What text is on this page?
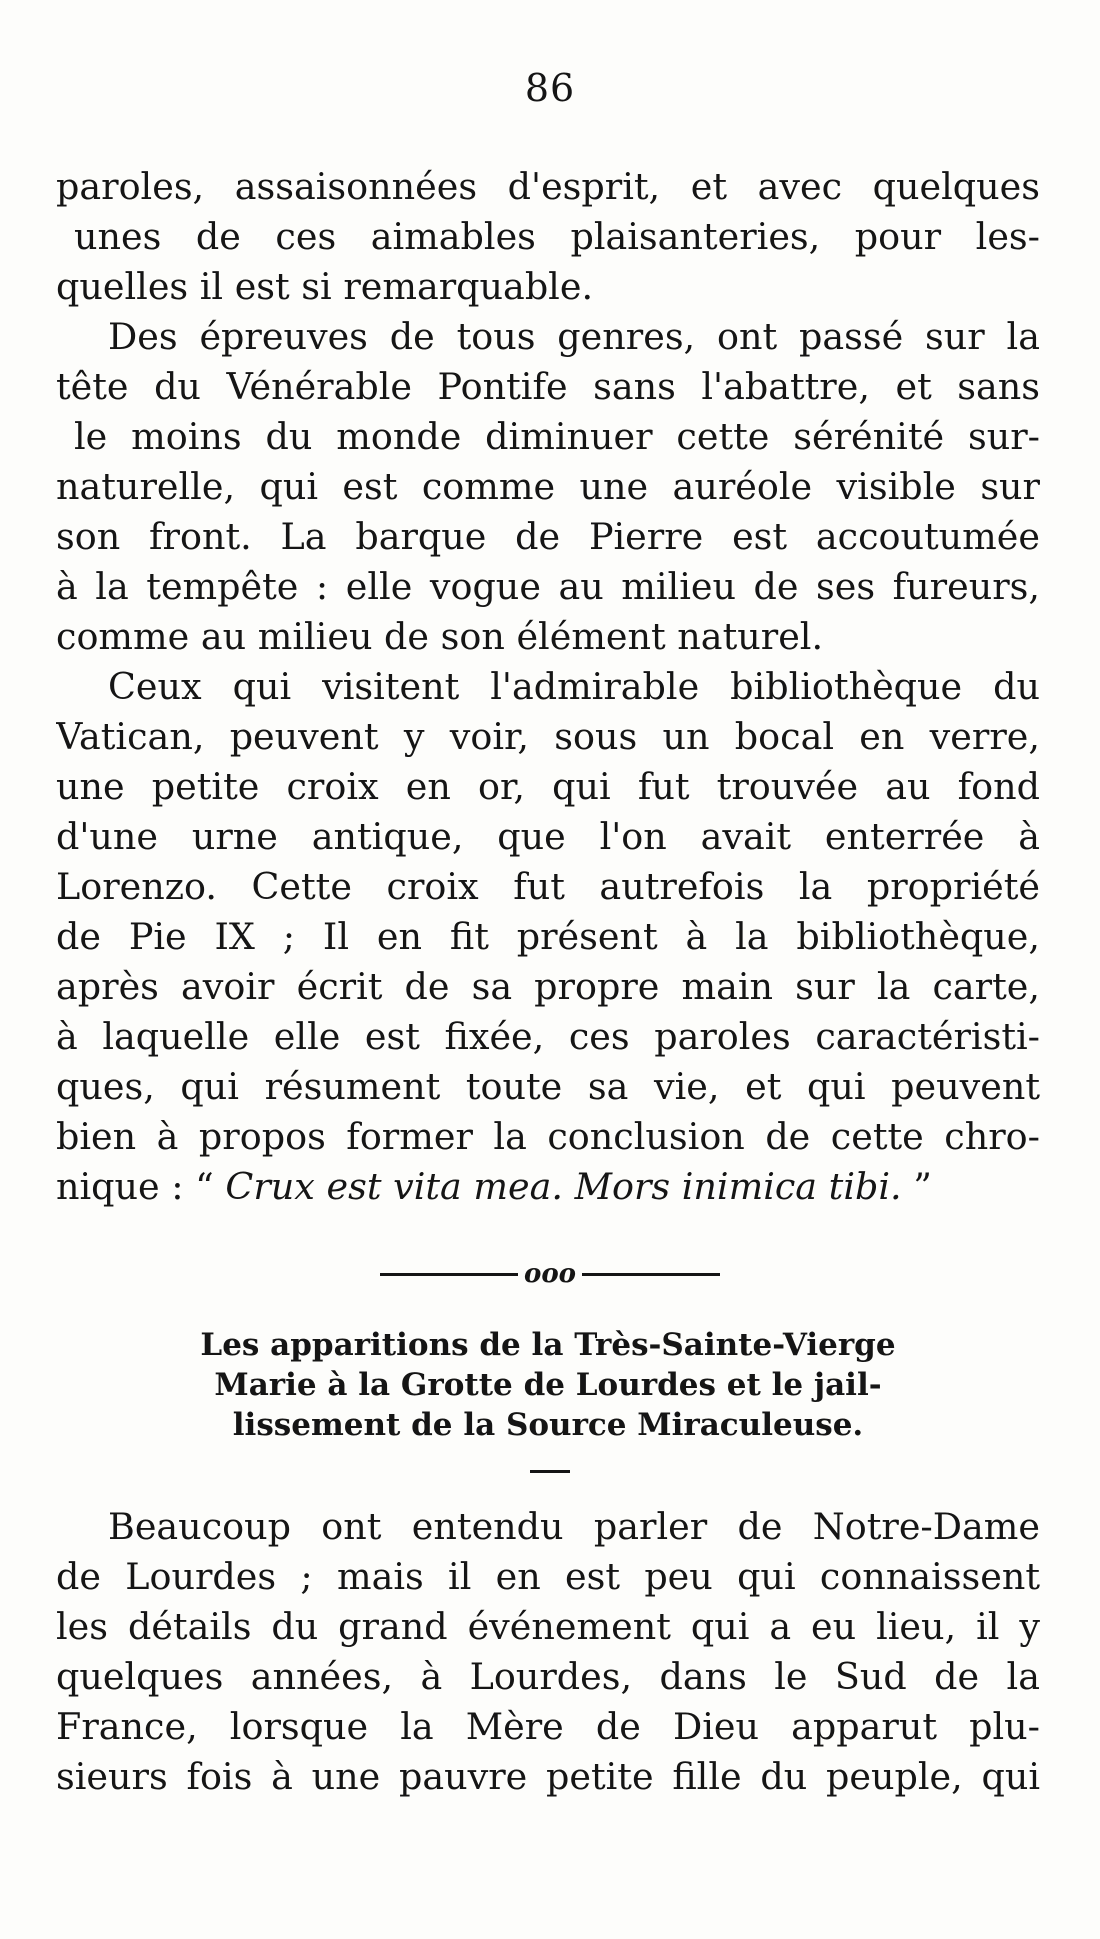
86
paroles, assaisonnées d'esprit, et avec quelques
unes de ces aimables plaisanteries, pour les-
quelles il est si remarquable.
Des épreuves de tous genres, ont passé sur la
tête du Vénérable Pontife sans l'abattre, et sans
le moins du monde diminuer cette sérénité sur-
naturelle, qui est comme une auréole visible sur
son front. La barque de Pierre est accoutumée
à la tempête : elle vogue au milieu de ses fureurs,
comme au milieu de son élément naturel.
Ceux qui visitent l'admirable bibliothèque du
Vatican, peuvent y voir, sous un bocal en verre,
une petite croix en or, qui fut trouvée au fond
d'une urne antique, que l'on avait enterrée à
Lorenzo. Cette croix fut autrefois la propriété
de Pie IX ; Il en fit présent à la bibliothèque,
après avoir écrit de sa propre main sur la carte,
à laquelle elle est fixée, ces paroles caractéristi-
ques, qui résument toute sa vie, et qui peuvent
bien à propos former la conclusion de cette chro-
nique : “ Crux est vita mea. Mors inimica tibi. ”
ooo
Les apparitions de la Très-Sainte-Vierge
Marie à la Grotte de Lourdes et le jail-
lissement de la Source Miraculeuse.
Beaucoup ont entendu parler de Notre-Dame
de Lourdes ; mais il en est peu qui connaissent
les détails du grand événement qui a eu lieu, il y
quelques années, à Lourdes, dans le Sud de la
France, lorsque la Mère de Dieu apparut plu-
sieurs fois à une pauvre petite fille du peuple, qui
